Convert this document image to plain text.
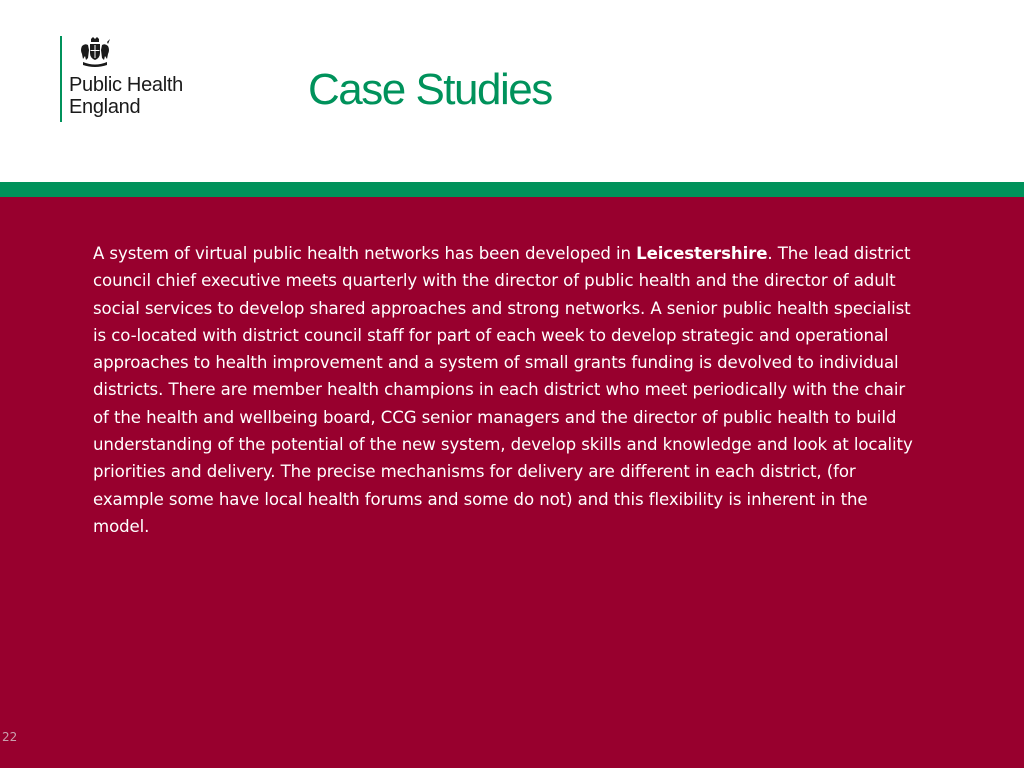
Public Health
England	Case Studies

A system of virtual public health networks has been developed in Leicestershire. The lead district council chief executive meets quarterly with the director of public health and the director of adult social services to develop shared approaches and strong networks. A senior public health specialist is co-located with district council staff for part of each week to develop strategic and operational approaches to health improvement and a system of small grants funding is devolved to individual districts. There are member health champions in each district who meet periodically with the chair of the health and wellbeing board, CCG senior managers and the director of public health to build understanding of the potential of the new system, develop skills and knowledge and look at locality priorities and delivery. The precise mechanisms for delivery are different in each district, (for example some have local health forums and some do not) and this flexibility is inherent in the model.

22
